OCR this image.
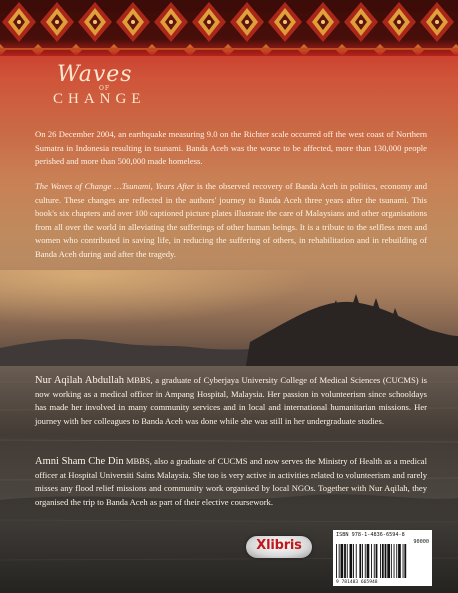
Waves
OF
CHANGE

On 26 December 2004, an earthquake measuring 9.0 on the Richter scale occurred off the west coast of Northern Sumatra in Indonesia resulting in tsunami. Banda Aceh was the worse to be affected, more than 130,000 people perished and more than 500,000 made homeless.

The Waves of Change …Tsunami, Years After is the observed recovery of Banda Aceh in politics, economy and culture. These changes are reflected in the authors' journey to Banda Aceh three years after the tsunami. This book's six chapters and over 100 captioned picture plates illustrate the care of Malaysians and other organisations from all over the world in alleviating the sufferings of other human beings. It is a tribute to the selfless men and women who contributed in saving life, in reducing the suffering of others, in rehabilitation and in rebuilding of Banda Aceh during and after the tragedy.

Nur Aqilah Abdullah MBBS, a graduate of Cyberjaya University College of Medical Sciences (CUCMS) is now working as a medical officer in Ampang Hospital, Malaysia. Her passion in volunteerism since schooldays has made her involved in many community services and in local and international humanitarian missions. Her journey with her colleagues to Banda Aceh was done while she was still in her undergraduate studies.

Amni Sham Che Din MBBS, also a graduate of CUCMS and now serves the Ministry of Health as a medical officer at Hospital Universiti Sains Malaysia. She too is very active in activities related to volunteerism and rarely misses any flood relief missions and community work organised by local NGOs. Together with Nur Aqilah, they organised the trip to Banda Aceh as part of their elective coursework.

Xlibris
ISBN 978-1-4836-6594-8
90000
9 781483 665948
